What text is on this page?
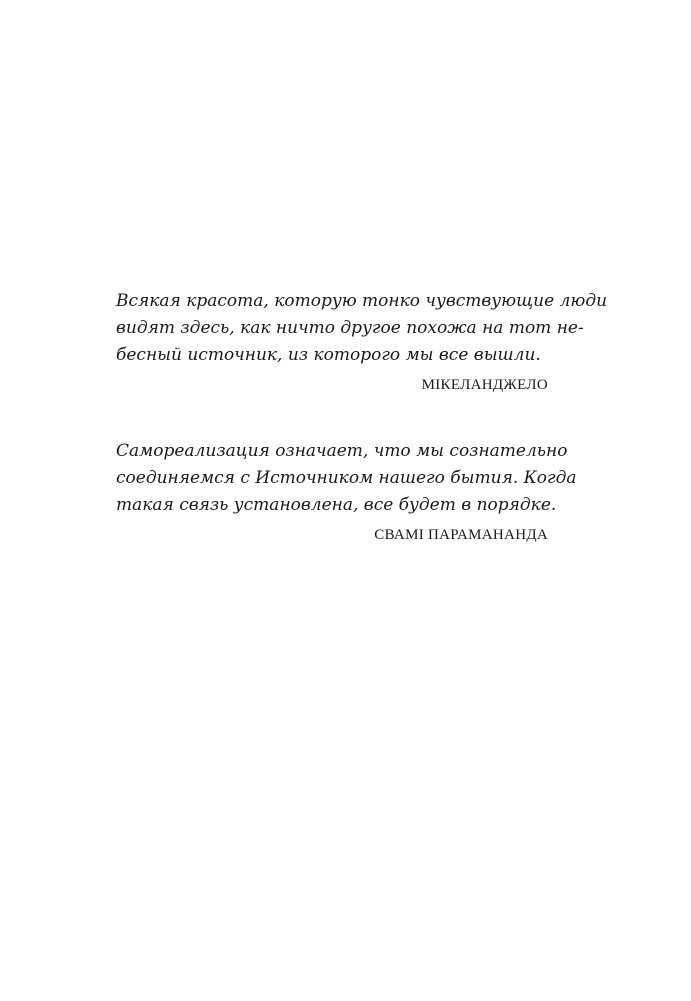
Всякая красота, которую тонко чувствующие люди
видят здесь, как ничто другое похожа на тот не-
бесный источник, из которого мы все вышли.
МІКЕЛАНДЖЕЛО
Самореализация означает, что мы сознательно
соединяемся с Источником нашего бытия. Когда
такая связь установлена, все будет в порядке.
СВАМІ ПАРАМАНАНДА
